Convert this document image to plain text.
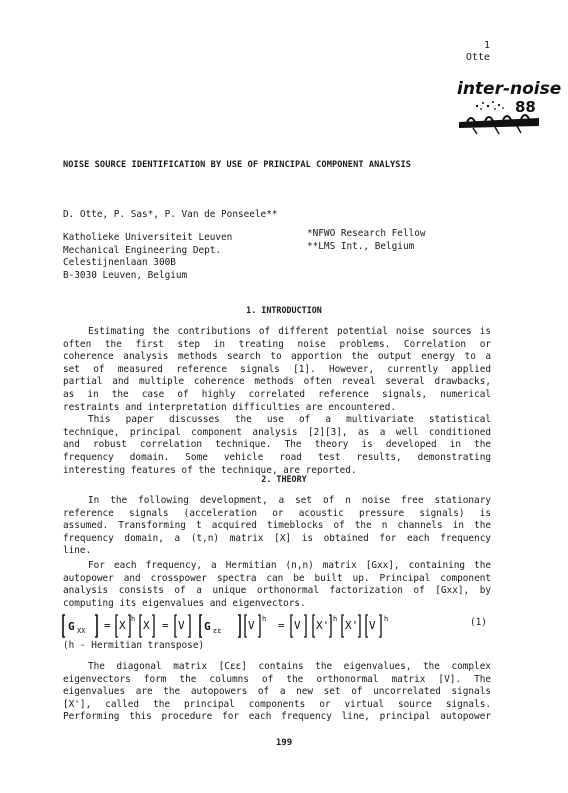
1
Otte
inter-noise
88
NOISE SOURCE IDENTIFICATION BY USE OF PRINCIPAL COMPONENT ANALYSIS
D. Otte, P. Sas*, P. Van de Ponseele**
Katholieke Universiteit Leuven
Mechanical Engineering Dept.
Celestijnenlaan 300B
B-3030 Leuven, Belgium
*NFWO Research Fellow
**LMS Int., Belgium
1. INTRODUCTION
Estimating the contributions of different potential noise sources is
often the first step in treating noise problems. Correlation or
coherence analysis methods search to apportion the output energy to a
set of measured reference signals [1]. However, currently applied
partial and multiple coherence methods often reveal several drawbacks,
as in the case of highly correlated reference signals, numerical
restraints and interpretation difficulties are encountered.
This paper discusses the use of a multivariate statistical
technique, principal component analysis [2][3], as a well conditioned
and robust correlation technique. The theory is developed in the
frequency domain. Some vehicle road test results, demonstrating
interesting features of the technique, are reported.
2. THEORY
In the following development, a set of n noise free stationary
reference signals (acceleration or acoustic pressure signals) is
assumed. Transforming t acquired timeblocks of the n channels in the
frequency domain, a (t,n) matrix [X] is obtained for each frequency
line.
For each frequency, a Hermitian (n,n) matrix [Gxx], containing the
autopower and crosspower spectra can be built up. Principal component
analysis consists of a unique orthonormal factorization of [Gxx], by
computing its eigenvalues and eigenvectors.
G XX = X h X = V G εε V h = V X' h X' V h	(1)
(h - Hermitian transpose)
The diagonal matrix [Cεε] contains the eigenvalues, the complex
eigenvectors form the columns of the orthonormal matrix [V]. The
eigenvalues are the autopowers of a new set of uncorrelated signals
[X'], called the principal components or virtual source signals.
Performing this procedure for each frequency line, principal autopower
199
